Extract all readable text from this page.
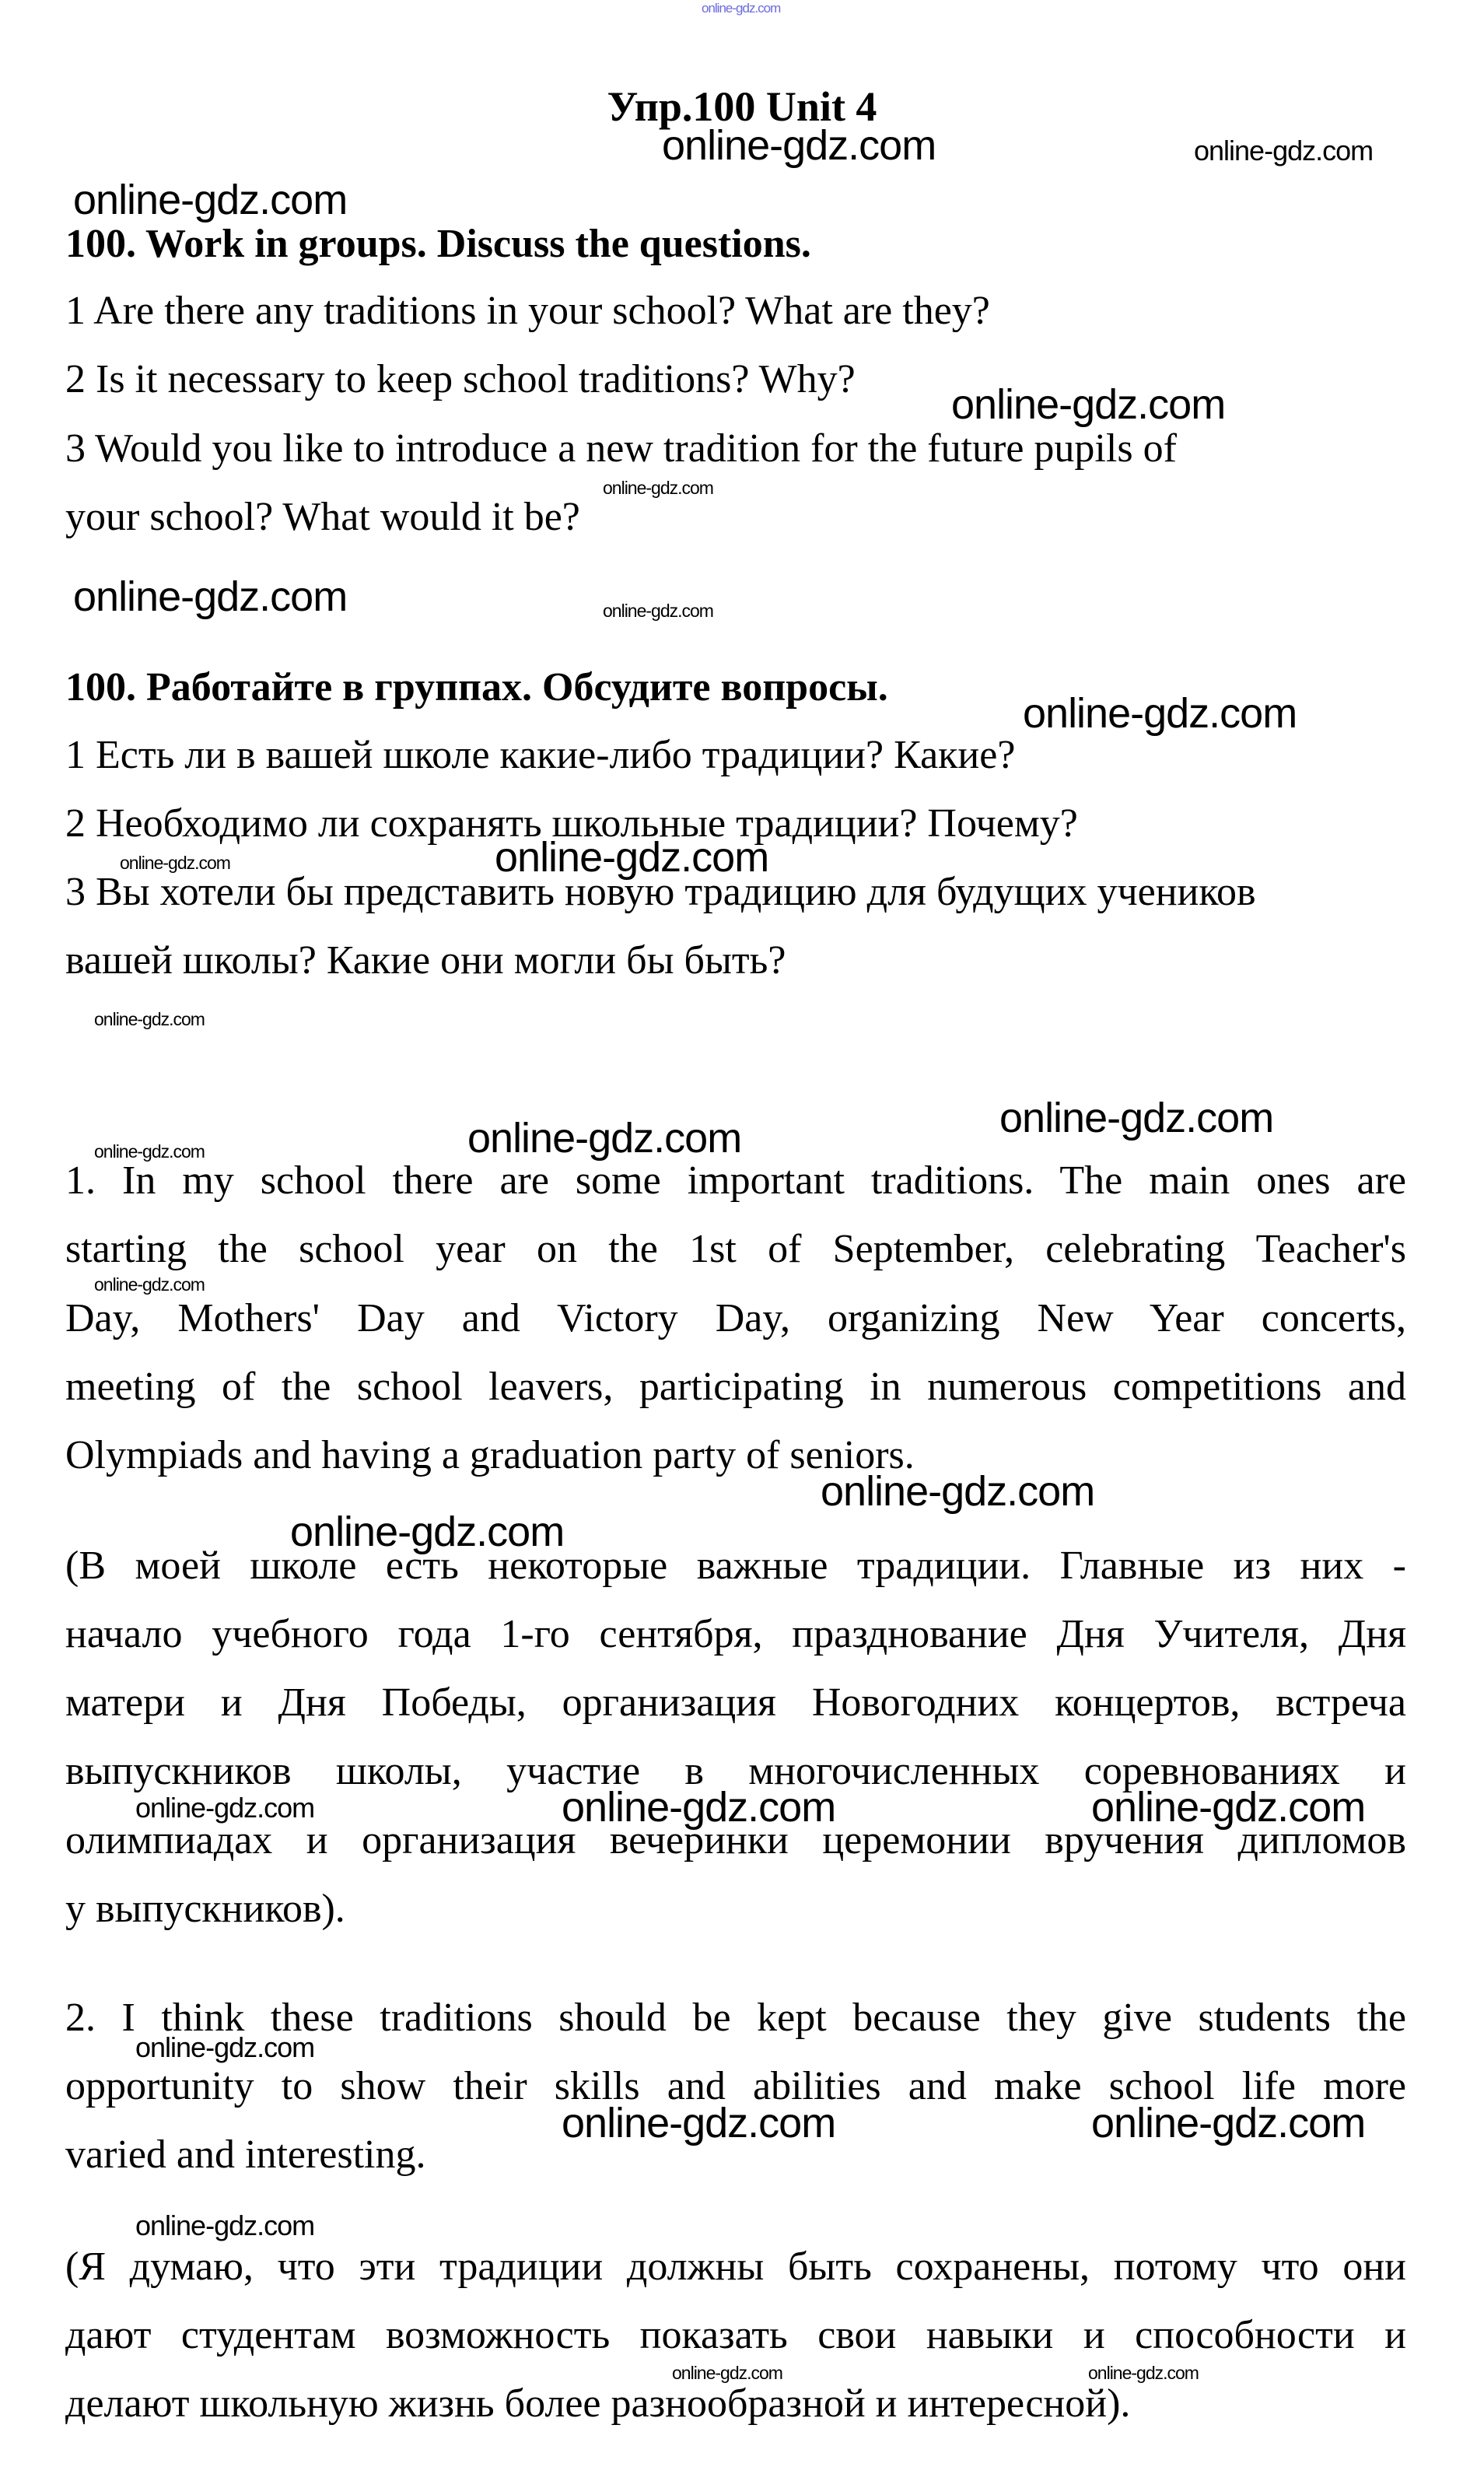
online-gdz.com
online-gdz.com	online-gdz.com
online-gdz.com
online-gdz.com
online-gdz.com
online-gdz.com	online-gdz.com
online-gdz.com
online-gdz.com	online-gdz.com
online-gdz.com
online-gdz.com
online-gdz.com
online-gdz.com
online-gdz.com
online-gdz.com
online-gdz.com
online-gdz.com	online-gdz.com	online-gdz.com
online-gdz.com
online-gdz.com	online-gdz.com
online-gdz.com
online-gdz.com	online-gdz.com
Упр.100 Unit 4
100. Work in groups. Discuss the questions.
1 Are there any traditions in your school? What are they?
2 Is it necessary to keep school traditions? Why?
3 Would you like to introduce a new tradition for the future pupils of
your school? What would it be?
100. Работайте в группах. Обсудите вопросы.
1 Есть ли в вашей школе какие-либо традиции? Какие?
2 Необходимо ли сохранять школьные традиции? Почему?
3 Вы хотели бы представить новую традицию для будущих учеников
вашей школы? Какие они могли бы быть?
1. In my school there are some important traditions. The main ones are
starting the school year on the 1st of September, celebrating Teacher's
Day, Mothers' Day and Victory Day, organizing New Year concerts,
meeting of the school leavers, participating in numerous competitions and
Olympiads and having a graduation party of seniors.
(В моей школе есть некоторые важные традиции. Главные из них -
начало учебного года 1-го сентября, празднование Дня Учителя, Дня
матери и Дня Победы, организация Новогодних концертов, встреча
выпускников школы, участие в многочисленных соревнованиях и
олимпиадах и организация вечеринки церемонии вручения дипломов
у выпускников).
2. I think these traditions should be kept because they give students the
opportunity to show their skills and abilities and make school life more
varied and interesting.
(Я думаю, что эти традиции должны быть сохранены, потому что они
дают студентам возможность показать свои навыки и способности и
делают школьную жизнь более разнообразной и интересной).
